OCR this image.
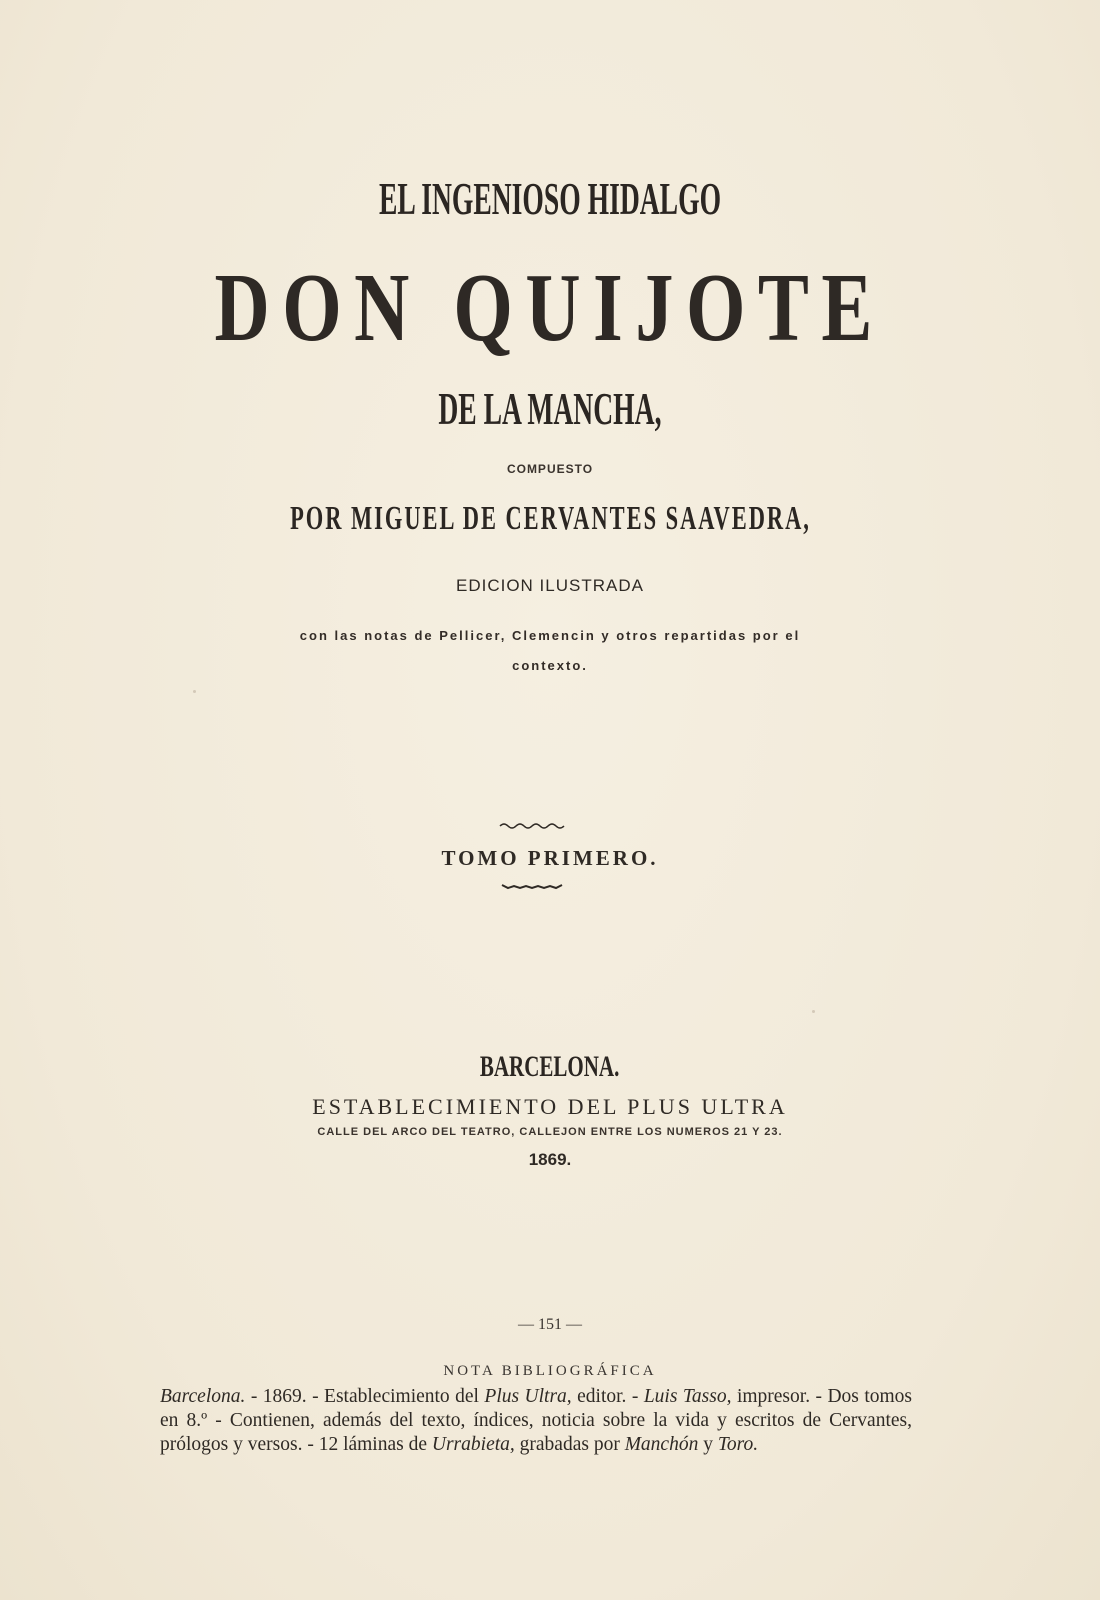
EL INGENIOSO HIDALGO
DON QUIJOTE
DE LA MANCHA,
COMPUESTO
POR MIGUEL DE CERVANTES SAAVEDRA,
EDICION ILUSTRADA
con las notas de Pellicer, Clemencin y otros repartidas por el
contexto.
TOMO PRIMERO.
BARCELONA.
ESTABLECIMIENTO DEL PLUS ULTRA
CALLE DEL ARCO DEL TEATRO, CALLEJON ENTRE LOS NUMEROS 21 Y 23.
1869.
— 151 —
NOTA BIBLIOGRÁFICA
Barcelona. - 1869. - Establecimiento del Plus Ultra, editor. - Luis Tasso, impresor. - Dos tomos en 8.º - Contienen, además del texto, índices, noticia sobre la vida y escritos de Cervantes, prólogos y versos. - 12 láminas de Urrabieta, grabadas por Manchón y Toro.
